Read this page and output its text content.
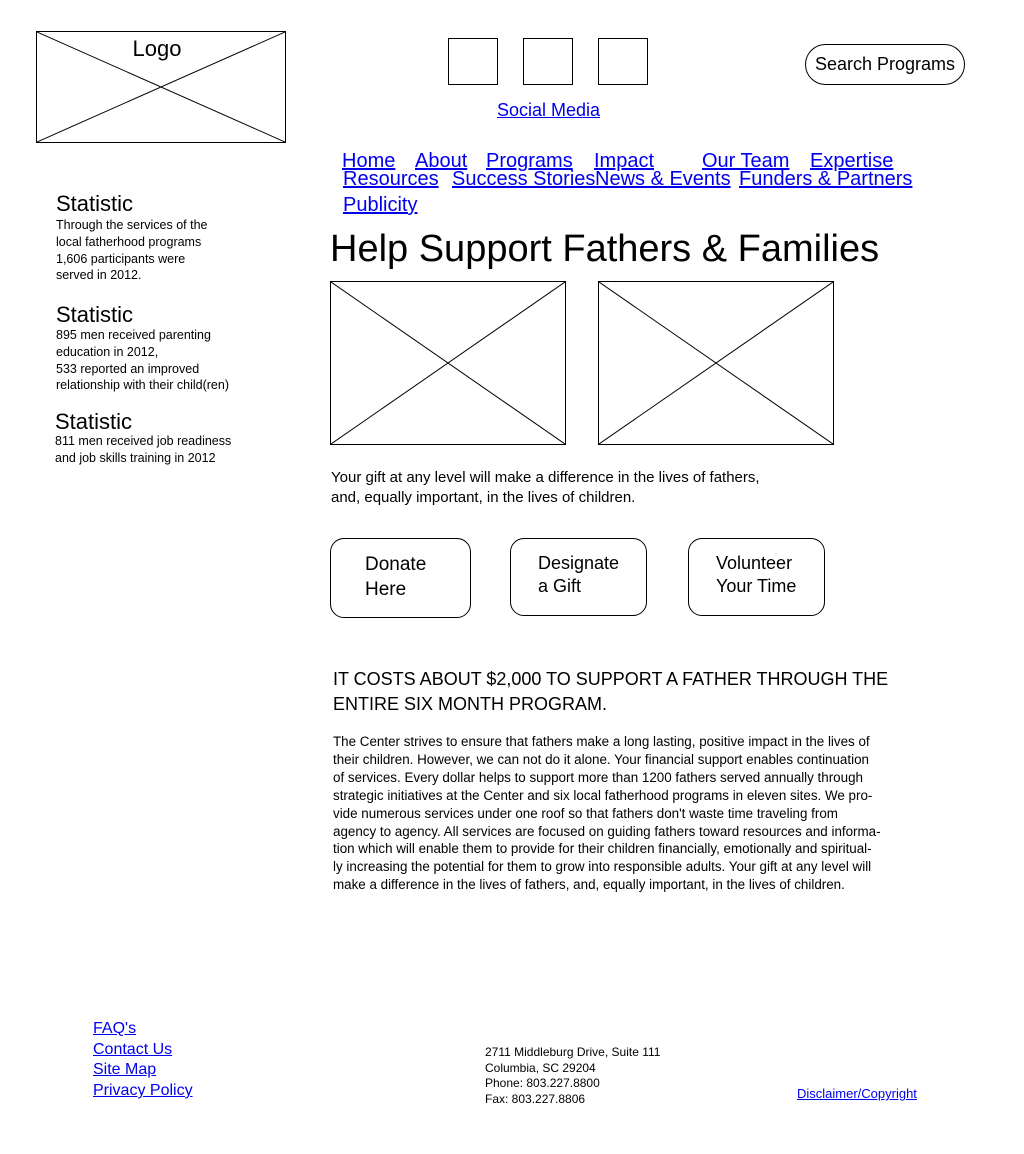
Logo
Social Media
Search Programs
Home About Programs Impact Our Team Expertise
Resources Success Stories News & Events Funders & Partners
Publicity
Statistic
Through the services of the
local fatherhood programs
1,606 participants were
served in 2012.
Statistic
895 men received parenting
education in 2012,
533 reported an improved
relationship with their child(ren)
Statistic
811 men received job readiness
and job skills training in 2012
Help Support Fathers & Families
Your gift at any level will make a difference in the lives of fathers,
and, equally important, in the lives of children.
Donate
Here
Designate
a Gift
Volunteer
Your Time
IT COSTS ABOUT $2,000 TO SUPPORT A FATHER THROUGH THE
ENTIRE SIX MONTH PROGRAM.
The Center strives to ensure that fathers make a long lasting, positive impact in the lives of
their children. However, we can not do it alone. Your financial support enables continuation
of services. Every dollar helps to support more than 1200 fathers served annually through
strategic initiatives at the Center and six local fatherhood programs in eleven sites. We pro-
vide numerous services under one roof so that fathers don't waste time traveling from
agency to agency. All services are focused on guiding fathers toward resources and informa-
tion which will enable them to provide for their children financially, emotionally and spiritual-
ly increasing the potential for them to grow into responsible adults. Your gift at any level will
make a difference in the lives of fathers, and, equally important, in the lives of children.
FAQ's
Contact Us
Site Map
Privacy Policy
2711 Middleburg Drive, Suite 111
Columbia, SC 29204
Phone: 803.227.8800
Fax: 803.227.8806	Disclaimer/Copyright
